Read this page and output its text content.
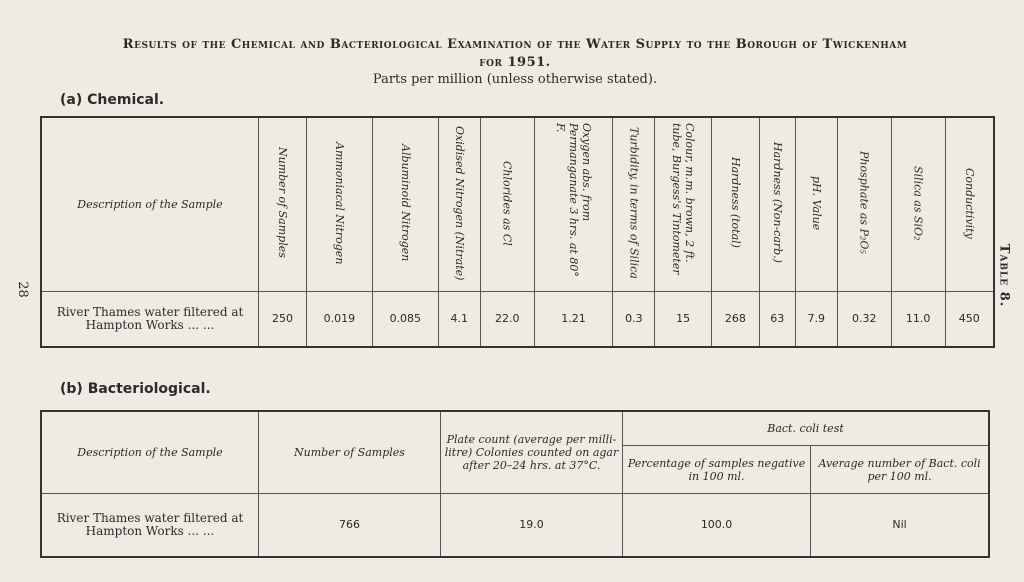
Results of the Chemical and Bacteriological Examination of the Water Supply to the Borough of Twickenham
for 1951.
Parts per million (unless otherwise stated).
28	Table 8.
(a) Chemical.
Description of the Sample	Number of Samples	Ammoniacal Nitrogen	Albuminoid Nitrogen	Oxidised Nitrogen (Nitrate)	Chlorides as Cl	Oxygen abs. from Permanganate 3 hrs. at 80° F.	Turbidity, in terms of Silica	Colour, m.m. brown, 2 ft. tube, Burgess's Tintometer	Hardness (total)	Hardness (Non-carb.)	pH. Value	Phosphate as P₂O₅	Silica as SiO₂	Conductivity
River Thames water filtered at Hampton Works ... ...	250	0.019	0.085	4.1	22.0	1.21	0.3	15	268	63	7.9	0.32	11.0	450
(b) Bacteriological.
Description of the Sample	Number of Samples	Plate count (average per milli-litre) Colonies counted on agar after 20–24 hrs. at 37°C.	Bact. coli test	
			Percentage of samples negative in 100 ml.	Average number of Bact. coli per 100 ml.
River Thames water filtered at Hampton Works ... ...	766	19.0	100.0	Nil
